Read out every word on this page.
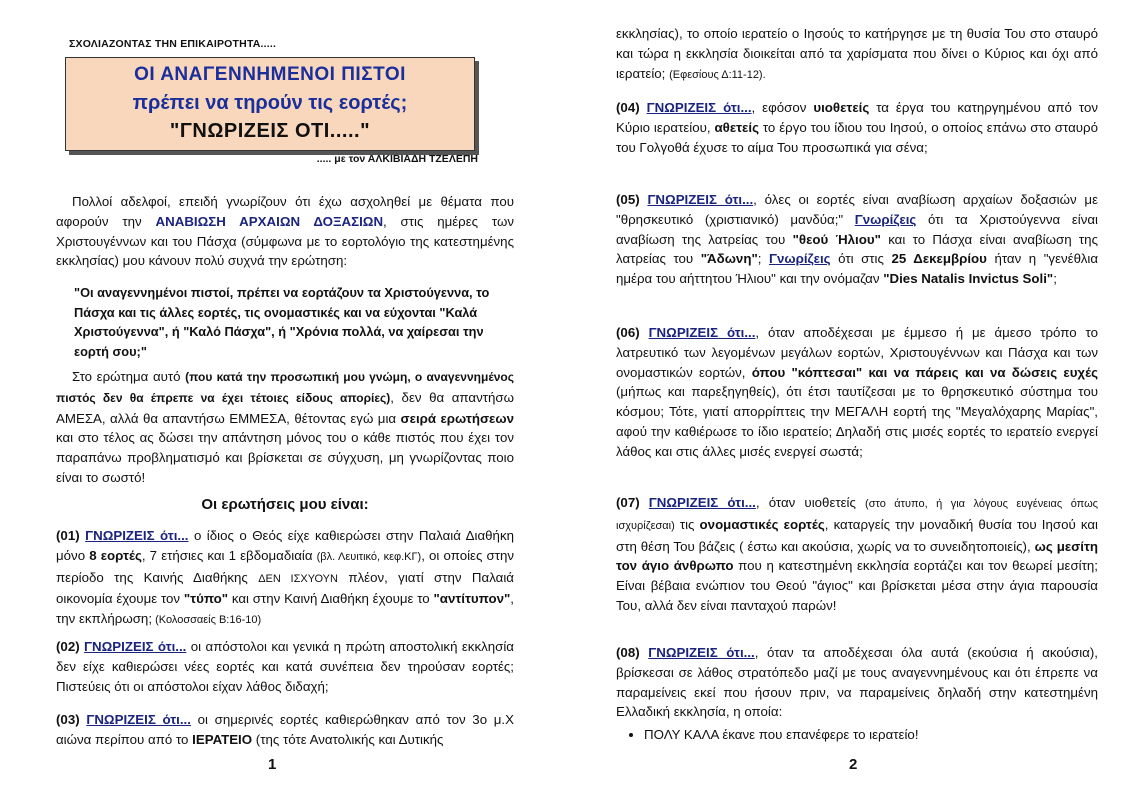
ΣΧΟΛΙΑΖΟΝΤΑΣ ΤΗΝ ΕΠΙΚΑΙΡΟΤΗΤΑ.....
ΟΙ ΑΝΑΓΕΝΝΗΜΕΝΟΙ ΠΙΣΤΟΙ
πρέπει να τηρούν τις εορτές;
"ΓΝΩΡΙΖΕΙΣ ΟΤΙ....."
..... με τον ΑΛΚΙΒΙΑΔΗ ΤΖΕΛΕΠΗ
Πολλοί αδελφοί, επειδή γνωρίζουν ότι έχω ασχοληθεί με θέματα που αφορούν την ΑΝΑΒΙΩΣΗ ΑΡΧΑΙΩΝ ΔΟΞΑΣΙΩΝ, στις ημέρες των Χριστουγέννων και του Πάσχα (σύμφωνα με το εορτολόγιο της κατεστημένης εκκλησίας) μου κάνουν πολύ συχνά την ερώτηση:
"Οι αναγεννημένοι πιστοί, πρέπει να εορτάζουν τα Χριστούγεννα, το Πάσχα και τις άλλες εορτές, τις ονομαστικές και να εύχονται "Καλά Χριστούγεννα", ή "Καλό Πάσχα", ή "Χρόνια πολλά, να χαίρεσαι την εορτή σου;"
Στο ερώτημα αυτό (που κατά την προσωπική μου γνώμη, ο αναγεννημένος πιστός δεν θα έπρεπε να έχει τέτοιες είδους απορίες), δεν θα απαντήσω ΑΜΕΣΑ, αλλά θα απαντήσω ΕΜΜΕΣΑ, θέτοντας εγώ μια σειρά ερωτήσεων και στο τέλος ας δώσει την απάντηση μόνος του ο κάθε πιστός που έχει τον παραπάνω προβληματισμό και βρίσκεται σε σύγχυση, μη γνωρίζοντας ποιο είναι το σωστό!
Οι ερωτήσεις μου είναι:
(01) ΓΝΩΡΙΖΕΙΣ ότι... ο ίδιος ο Θεός είχε καθιερώσει στην Παλαιά Διαθήκη μόνο 8 εορτές, 7 ετήσιες και 1 εβδομαδιαία (βλ. Λευιτικό, κεφ.ΚΓ), οι οποίες στην περίοδο της Καινής Διαθήκης ΔΕΝ ΙΣΧΥΟΥΝ πλέον, γιατί στην Παλαιά οικονομία έχουμε τον "τύπο" και στην Καινή Διαθήκη έχουμε το "αντίτυπον", την εκπλήρωση; (Κολοσσαείς Β:16-10)
(02) ΓΝΩΡΙΖΕΙΣ ότι... οι απόστολοι και γενικά η πρώτη αποστολική εκκλησία δεν είχε καθιερώσει νέες εορτές και κατά συνέπεια δεν τηρούσαν εορτές; Πιστεύεις ότι οι απόστολοι είχαν λάθος διδαχή;
(03) ΓΝΩΡΙΖΕΙΣ ότι... οι σημερινές εορτές καθιερώθηκαν από τον 3ο μ.Χ αιώνα περίπου από το ΙΕΡΑΤΕΙΟ (της τότε Ανατολικής και Δυτικής
1
εκκλησίας), το οποίο ιερατείο ο Ιησούς το κατήργησε με τη θυσία Του στο σταυρό και τώρα η εκκλησία διοικείται από τα χαρίσματα που δίνει ο Κύριος και όχι από ιερατείο; (Εφεσίους Δ:11-12).
(04) ΓΝΩΡΙΖΕΙΣ ότι..., εφόσον υιοθετείς τα έργα του κατηργημένου από τον Κύριο ιερατείου, αθετείς το έργο του ίδιου του Ιησού, ο οποίος επάνω στο σταυρό του Γολγοθά έχυσε το αίμα Του προσωπικά για σένα;
(05) ΓΝΩΡΙΖΕΙΣ ότι..., όλες οι εορτές είναι αναβίωση αρχαίων δοξασιών με "θρησκευτικό (χριστιανικό) μανδύα;" Γνωρίζεις ότι τα Χριστούγεννα είναι αναβίωση της λατρείας του "θεού Ήλιου" και το Πάσχα είναι αναβίωση της λατρείας του "Άδωνη"; Γνωρίζεις ότι στις 25 Δεκεμβρίου ήταν η "γενέθλια ημέρα του αήττητου Ήλιου" και την ονόμαζαν "Dies Natalis Invictus Soli";
(06) ΓΝΩΡΙΖΕΙΣ ότι..., όταν αποδέχεσαι με έμμεσο ή με άμεσο τρόπο το λατρευτικό των λεγομένων μεγάλων εορτών, Χριστουγέννων και Πάσχα και των ονομαστικών εορτών, όπου "κόπτεσαι" και να πάρεις και να δώσεις ευχές (μήπως και παρεξηγηθείς), ότι έτσι ταυτίζεσαι με το θρησκευτικό σύστημα του κόσμου; Τότε, γιατί απορρίπτεις την ΜΕΓΑΛΗ εορτή της "Μεγαλόχαρης Μαρίας", αφού την καθιέρωσε το ίδιο ιερατείο; Δηλαδή στις μισές εορτές το ιερατείο ενεργεί λάθος και στις άλλες μισές ενεργεί σωστά;
(07) ΓΝΩΡΙΖΕΙΣ ότι..., όταν υιοθετείς (στο άτυπο, ή για λόγους ευγένειας όπως ισχυρίζεσαι) τις ονομαστικές εορτές, καταργείς την μοναδική θυσία του Ιησού και στη θέση Του βάζεις ( έστω και ακούσια, χωρίς να το συνειδητοποιείς), ως μεσίτη τον άγιο άνθρωπο που η κατεστημένη εκκλησία εορτάζει και τον θεωρεί μεσίτη; Είναι βέβαια ενώπιον του Θεού "άγιος" και βρίσκεται μέσα στην άγια παρουσία Του, αλλά δεν είναι πανταχού παρών!
(08) ΓΝΩΡΙΖΕΙΣ ότι..., όταν τα αποδέχεσαι όλα αυτά (εκούσια ή ακούσια), βρίσκεσαι σε λάθος στρατόπεδο μαζί με τους αναγεννημένους και ότι έπρεπε να παραμείνεις εκεί που ήσουν πριν, να παραμείνεις δηλαδή στην κατεστημένη Ελλαδική εκκλησία, η οποία:
• ΠΟΛΥ ΚΑΛΑ έκανε που επανέφερε το ιερατείο!
2
